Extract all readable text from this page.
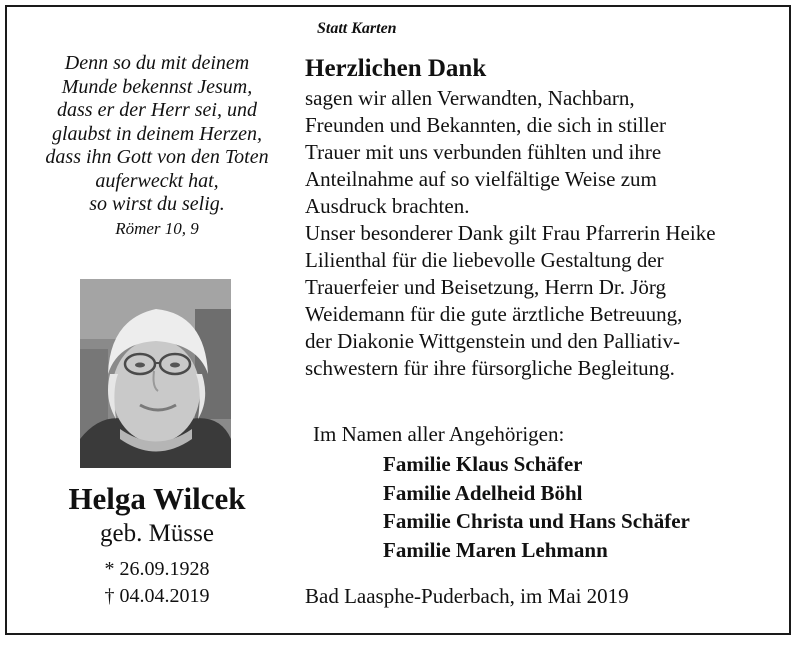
Statt Karten
Denn so du mit deinem
Munde bekennst Jesum,
dass er der Herr sei, und
glaubst in deinem Herzen,
dass ihn Gott von den Toten
auferweckt hat,
so wirst du selig.
Römer 10, 9
Helga Wilcek
geb. Müsse
* 26.09.1928
† 04.04.2019
Herzlichen Dank
sagen wir allen Verwandten, Nachbarn,
Freunden und Bekannten, die sich in stiller
Trauer mit uns verbunden fühlten und ihre
Anteilnahme auf so vielfältige Weise zum
Ausdruck brachten.
Unser besonderer Dank gilt Frau Pfarrerin Heike
Lilienthal für die liebevolle Gestaltung der
Trauerfeier und Beisetzung, Herrn Dr. Jörg
Weidemann für die gute ärztliche Betreuung,
der Diakonie Wittgenstein und den Palliativ-
schwestern für ihre fürsorgliche Begleitung.
Im Namen aller Angehörigen:
Familie Klaus Schäfer
Familie Adelheid Böhl
Familie Christa und Hans Schäfer
Familie Maren Lehmann
Bad Laasphe-Puderbach, im Mai 2019
